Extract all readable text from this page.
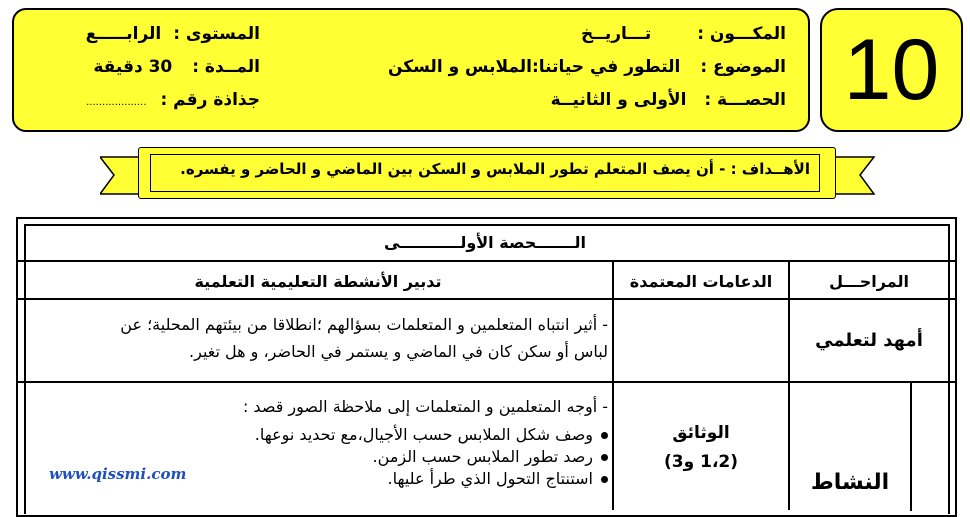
المكـــون : تـــاريــخ
الموضوع : التطور في حياتنا:الملابس و السكن
الحصـــة : الأولى و الثانيــة
المستوى : الرابـــــع
المــدة : 30 دقيقة
جذاذة رقم : ...................	10
الأهــداف : - أن يصف المتعلم تطور الملابس و السكن بين الماضي و الحاضر و يفسره.
الـــــــحصة الأولـــــــــــى
المراحـــل
الدعامات المعتمدة
تدبير الأنشطة التعليمية التعلمية
أمهد لتعلمي
- أثير انتباه المتعلمين و المتعلمات بسؤالهم ؛انطلاقا من بيئتهم المحلية؛ عن
لباس أو سكن كان في الماضي و يستمر في الحاضر، و هل تغير.
النشاط
الوثائق
(1،2 و3)
- أوجه المتعلمين و المتعلمات إلى ملاحظة الصور قصد :
وصف شكل الملابس حسب الأجيال،مع تحديد نوعها.
رصد تطور الملابس حسب الزمن.
استنتاج التحول الذي طرأ عليها.
www.qissmi.com
